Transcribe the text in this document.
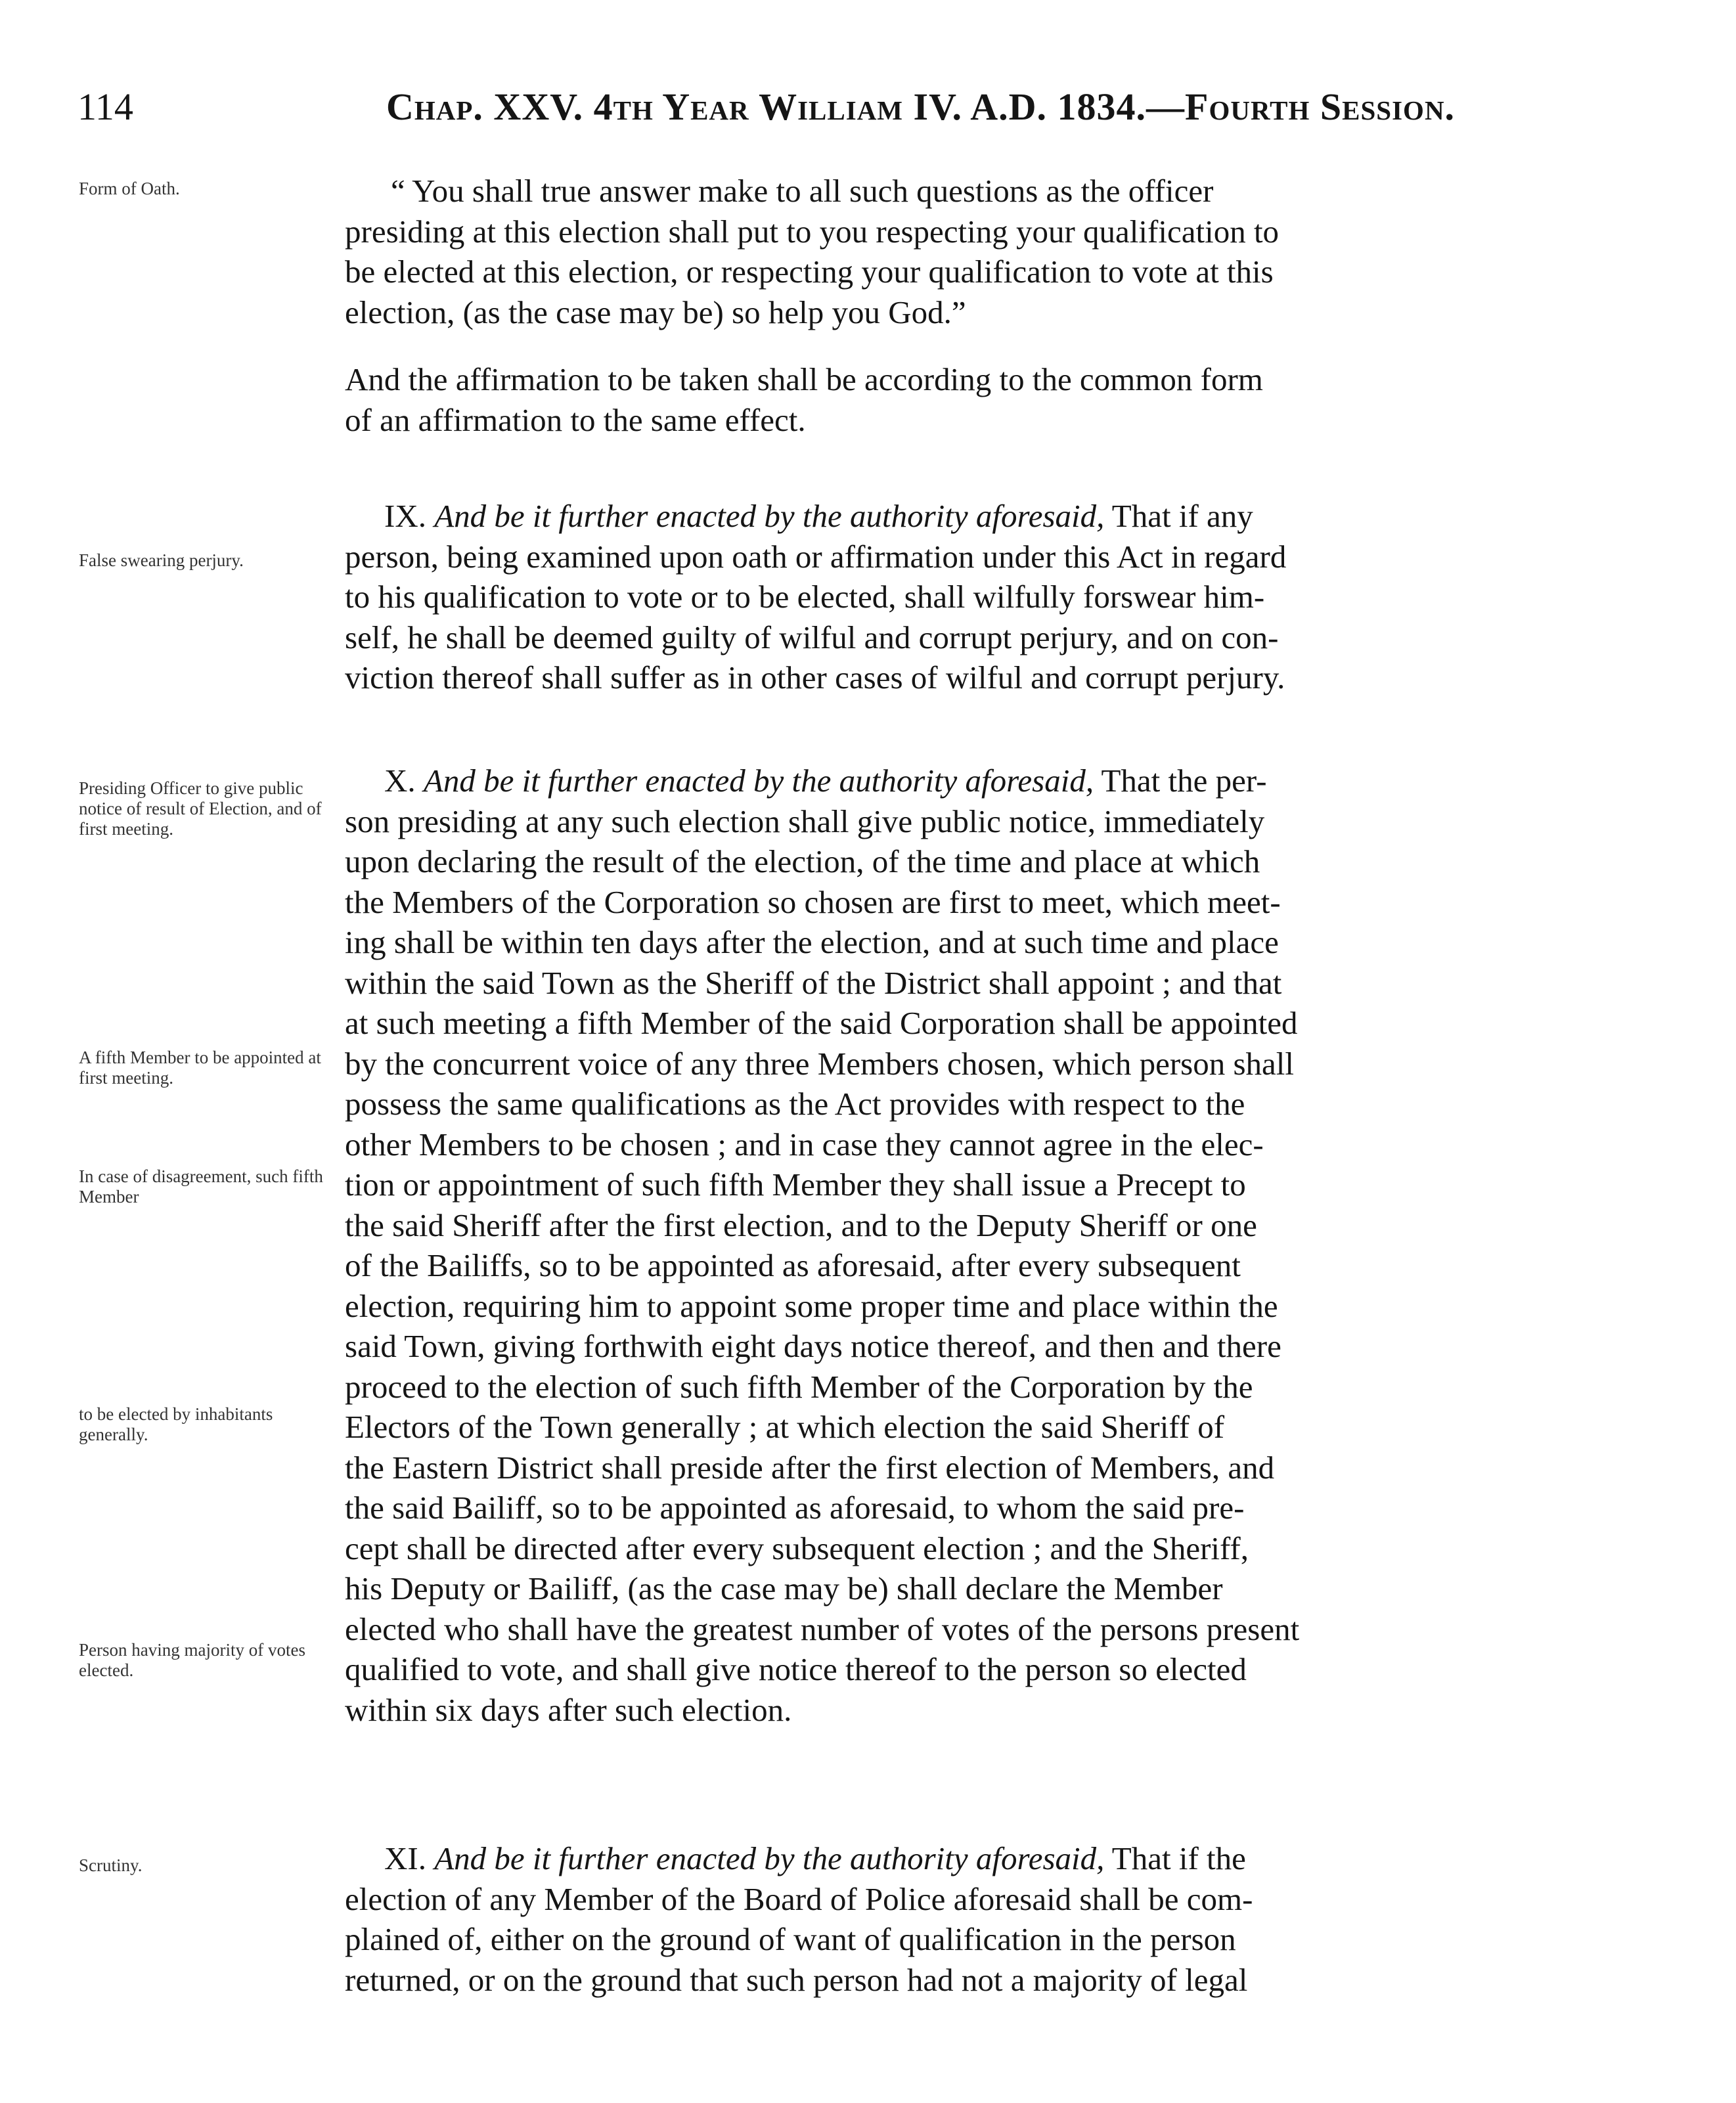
114	Chap. XXV. 4th Year William IV. A.D. 1834.—Fourth Session.
Form of Oath.
False swearing perjury.
Presiding Officer to give public notice of result of Election, and of first meeting.
A fifth Member to be appointed at first meeting.
In case of disagreement, such fifth Member
to be elected by inhabitants generally.
Person having majority of votes elected.
Scrutiny.
“ You shall true answer make to all such questions as the officer
presiding at this election shall put to you respecting your qualification to
be elected at this election, or respecting your qualification to vote at this
election, (as the case may be) so help you God.”
And the affirmation to be taken shall be according to the common form
of an affirmation to the same effect.
IX. And be it further enacted by the authority aforesaid, That if any
person, being examined upon oath or affirmation under this Act in regard
to his qualification to vote or to be elected, shall wilfully forswear him-
self, he shall be deemed guilty of wilful and corrupt perjury, and on con-
viction thereof shall suffer as in other cases of wilful and corrupt perjury.
X. And be it further enacted by the authority aforesaid, That the per-
son presiding at any such election shall give public notice, immediately
upon declaring the result of the election, of the time and place at which
the Members of the Corporation so chosen are first to meet, which meet-
ing shall be within ten days after the election, and at such time and place
within the said Town as the Sheriff of the District shall appoint ; and that
at such meeting a fifth Member of the said Corporation shall be appointed
by the concurrent voice of any three Members chosen, which person shall
possess the same qualifications as the Act provides with respect to the
other Members to be chosen ; and in case they cannot agree in the elec-
tion or appointment of such fifth Member they shall issue a Precept to
the said Sheriff after the first election, and to the Deputy Sheriff or one
of the Bailiffs, so to be appointed as aforesaid, after every subsequent
election, requiring him to appoint some proper time and place within the
said Town, giving forthwith eight days notice thereof, and then and there
proceed to the election of such fifth Member of the Corporation by the
Electors of the Town generally ; at which election the said Sheriff of
the Eastern District shall preside after the first election of Members, and
the said Bailiff, so to be appointed as aforesaid, to whom the said pre-
cept shall be directed after every subsequent election ; and the Sheriff,
his Deputy or Bailiff, (as the case may be) shall declare the Member
elected who shall have the greatest number of votes of the persons present
qualified to vote, and shall give notice thereof to the person so elected
within six days after such election.
XI. And be it further enacted by the authority aforesaid, That if the
election of any Member of the Board of Police aforesaid shall be com-
plained of, either on the ground of want of qualification in the person
returned, or on the ground that such person had not a majority of legal
